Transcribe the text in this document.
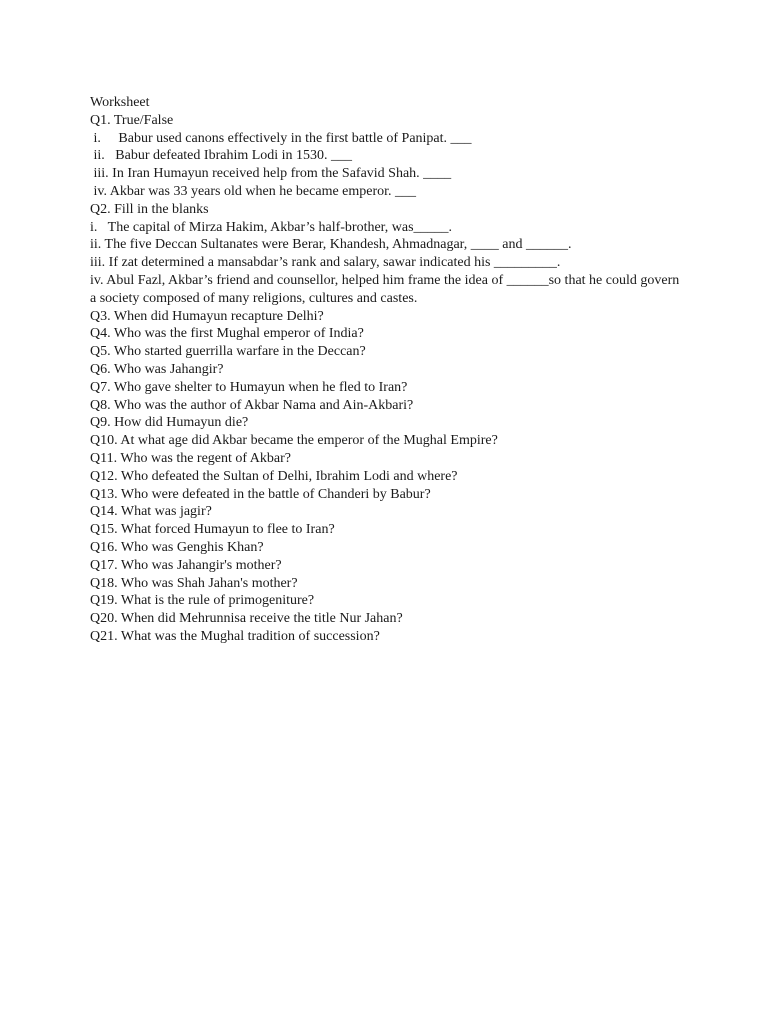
Worksheet
Q1. True/False
i.     Babur used canons effectively in the first battle of Panipat. ___
ii.   Babur defeated Ibrahim Lodi in 1530. ___
iii. In Iran Humayun received help from the Safavid Shah. ____
iv. Akbar was 33 years old when he became emperor. ___
Q2. Fill in the blanks
i.   The capital of Mirza Hakim, Akbar’s half-brother, was_____.
ii. The five Deccan Sultanates were Berar, Khandesh, Ahmadnagar, ____ and ______.
iii. If zat determined a mansabdar’s rank and salary, sawar indicated his _________.
iv. Abul Fazl, Akbar’s friend and counsellor, helped him frame the idea of ______so that he could govern a society composed of many religions, cultures and castes.
Q3. When did Humayun recapture Delhi?
Q4. Who was the first Mughal emperor of India?
Q5. Who started guerrilla warfare in the Deccan?
Q6. Who was Jahangir?
Q7. Who gave shelter to Humayun when he fled to Iran?
Q8. Who was the author of Akbar Nama and Ain-Akbari?
Q9. How did Humayun die?
Q10. At what age did Akbar became the emperor of the Mughal Empire?
Q11. Who was the regent of Akbar?
Q12. Who defeated the Sultan of Delhi, Ibrahim Lodi and where?
Q13. Who were defeated in the battle of Chanderi by Babur?
Q14. What was jagir?
Q15. What forced Humayun to flee to Iran?
Q16. Who was Genghis Khan?
Q17. Who was Jahangir's mother?
Q18. Who was Shah Jahan's mother?
Q19. What is the rule of primogeniture?
Q20. When did Mehrunnisa receive the title Nur Jahan?
Q21. What was the Mughal tradition of succession?
